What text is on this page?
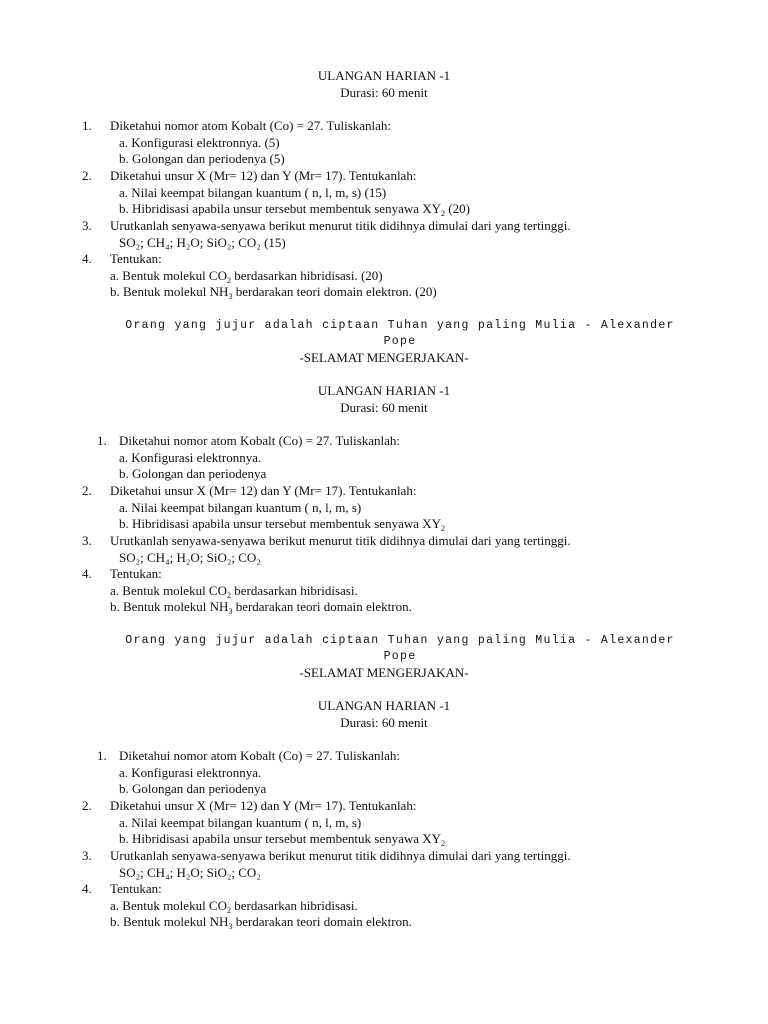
ULANGAN HARIAN -1
Durasi: 60 menit
1. Diketahui nomor atom Kobalt (Co) = 27. Tuliskanlah:
a. Konfigurasi elektronnya. (5)
b. Golongan dan periodenya (5)
2. Diketahui unsur X (Mr= 12) dan Y (Mr= 17). Tentukanlah:
a. Nilai keempat bilangan kuantum ( n, l, m, s) (15)
b. Hibridisasi apabila unsur tersebut membentuk senyawa $XY_2$ (20)
3. Urutkanlah senyawa-senyawa berikut menurut titik didihnya dimulai dari yang tertinggi.
SO₂; CH₄; H₂O; SiO₂; CO₂ (15)
4. Tentukan:
a. Bentuk molekul $CO_2$ berdasarkan hibridisasi. (20)
b. Bentuk molekul $NH_3$ berdarakan teori domain elektron. (20)
Orang yang jujur adalah ciptaan Tuhan yang paling Mulia - Alexander
Pope
-SELAMAT MENGERJAKAN-
ULANGAN HARIAN -1
Durasi: 60 menit
1. Diketahui nomor atom Kobalt (Co) = 27. Tuliskanlah:
a. Konfigurasi elektronnya.
b. Golongan dan periodenya
2. Diketahui unsur X (Mr= 12) dan Y (Mr= 17). Tentukanlah:
a. Nilai keempat bilangan kuantum ( n, l, m, s)
b. Hibridisasi apabila unsur tersebut membentuk senyawa $XY_2$
3. Urutkanlah senyawa-senyawa berikut menurut titik didihnya dimulai dari yang tertinggi.
SO₂; CH₄; H₂O; SiO₂; CO₂
4. Tentukan:
a. Bentuk molekul $CO_2$ berdasarkan hibridisasi.
b. Bentuk molekul $NH_3$ berdarakan teori domain elektron.
Orang yang jujur adalah ciptaan Tuhan yang paling Mulia - Alexander
Pope
-SELAMAT MENGERJAKAN-
ULANGAN HARIAN -1
Durasi: 60 menit
1. Diketahui nomor atom Kobalt (Co) = 27. Tuliskanlah:
a. Konfigurasi elektronnya.
b. Golongan dan periodenya
2. Diketahui unsur X (Mr= 12) dan Y (Mr= 17). Tentukanlah:
a. Nilai keempat bilangan kuantum ( n, l, m, s)
b. Hibridisasi apabila unsur tersebut membentuk senyawa $XY_2$
3. Urutkanlah senyawa-senyawa berikut menurut titik didihnya dimulai dari yang tertinggi.
SO₂; CH₄; H₂O; SiO₂; CO₂
4. Tentukan:
a. Bentuk molekul $CO_2$ berdasarkan hibridisasi.
b. Bentuk molekul $NH_3$ berdarakan teori domain elektron.
